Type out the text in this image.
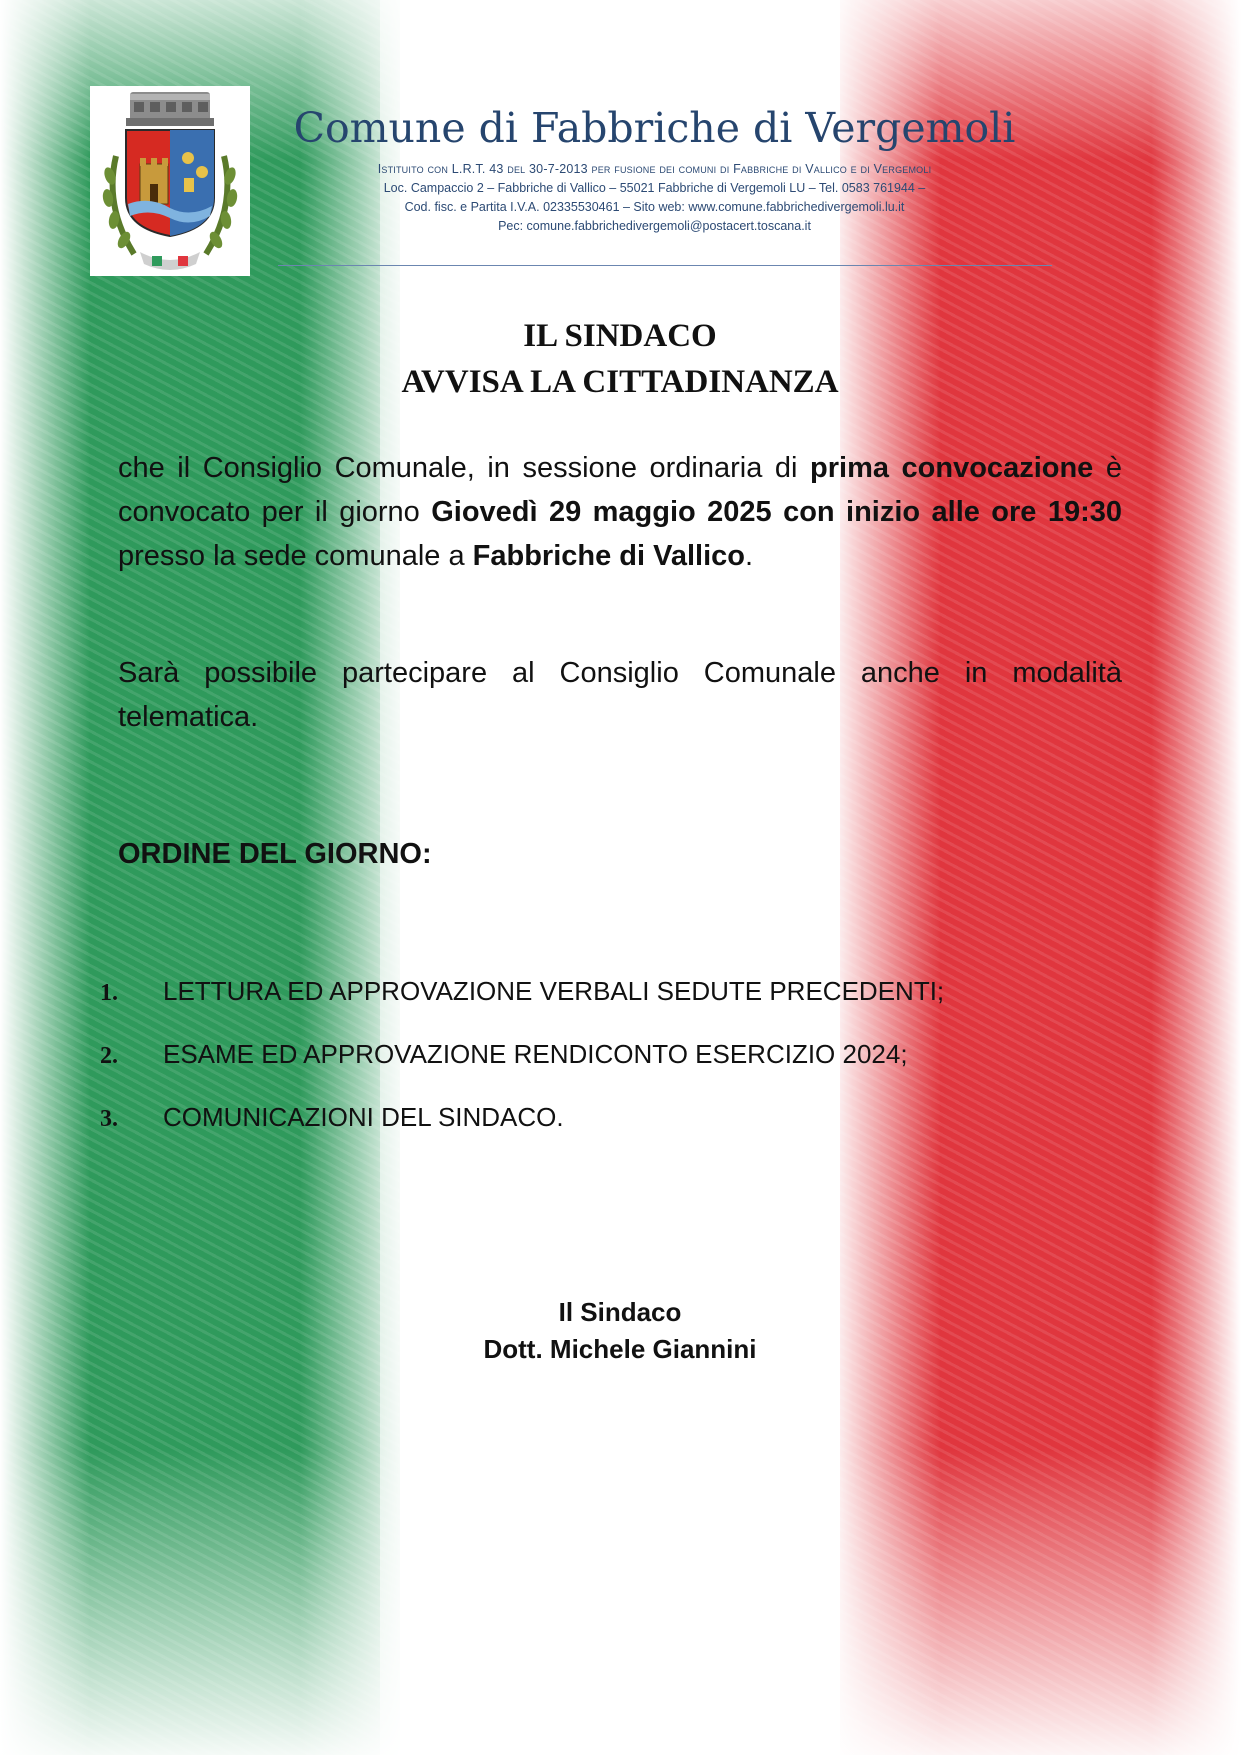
Comune di Fabbriche di Vergemoli
Istituito con L.R.T. 43 del 30-7-2013 per fusione dei comuni di Fabbriche di Vallico e di Vergemoli
Loc. Campaccio 2 – Fabbriche di Vallico – 55021 Fabbriche di Vergemoli LU – Tel. 0583 761944 –
Cod. fisc. e Partita I.V.A. 02335530461 – Sito web: www.comune.fabbrichedivergemoli.lu.it
Pec: comune.fabbrichedivergemoli@postacert.toscana.it
IL SINDACO
AVVISA LA CITTADINANZA
che il Consiglio Comunale, in sessione ordinaria di prima convocazione è convocato per il giorno Giovedì 29 maggio 2025 con inizio alle ore 19:30 presso la sede comunale a Fabbriche di Vallico.
Sarà possibile partecipare al Consiglio Comunale anche in modalità telematica.
ORDINE DEL GIORNO:
1.	LETTURA ED APPROVAZIONE VERBALI SEDUTE PRECEDENTI;
2.	ESAME ED APPROVAZIONE RENDICONTO ESERCIZIO 2024;
3.	COMUNICAZIONI DEL SINDACO.
Il Sindaco
Dott. Michele Giannini
